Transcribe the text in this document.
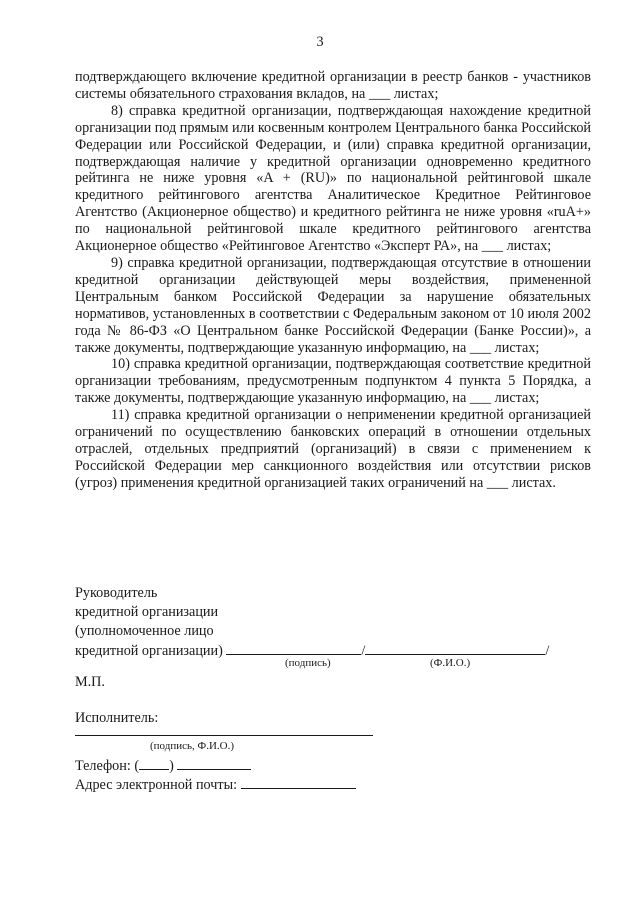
3

подтверждающего включение кредитной организации в реестр банков - участников системы обязательного страхования вкладов, на ___ листах;

8) справка кредитной организации, подтверждающая нахождение кредитной организации под прямым или косвенным контролем Центрального банка Российской Федерации или Российской Федерации, и (или) справка кредитной организации, подтверждающая наличие у кредитной организации одновременно кредитного рейтинга не ниже уровня «A + (RU)» по национальной рейтинговой шкале кредитного рейтингового агентства Аналитическое Кредитное Рейтинговое Агентство (Акционерное общество) и кредитного рейтинга не ниже уровня «ruA+» по национальной рейтинговой шкале кредитного рейтингового агентства Акционерное общество «Рейтинговое Агентство «Эксперт РА», на ___ листах;

9) справка кредитной организации, подтверждающая отсутствие в отношении кредитной организации действующей меры воздействия, примененной Центральным банком Российской Федерации за нарушение обязательных нормативов, установленных в соответствии с Федеральным законом от 10 июля 2002 года № 86-ФЗ «О Центральном банке Российской Федерации (Банке России)», а также документы, подтверждающие указанную информацию, на ___ листах;

10) справка кредитной организации, подтверждающая соответствие кредитной организации требованиям, предусмотренным подпунктом 4 пункта 5 Порядка, а также документы, подтверждающие указанную информацию, на ___ листах;

11) справка кредитной организации о неприменении кредитной организацией ограничений по осуществлению банковских операций в отношении отдельных отраслей, отдельных предприятий (организаций) в связи с применением к Российской Федерации мер санкционного воздействия или отсутствии рисков (угроз) применения кредитной организацией таких ограничений на ___ листах.

Руководитель
кредитной организации
(уполномоченное лицо
кредитной организации)	/	/
(подпись)	(Ф.И.О.)
М.П.
Исполнитель:
(подпись, Ф.И.О.)
Телефон: ( )
Адрес электронной почты:
